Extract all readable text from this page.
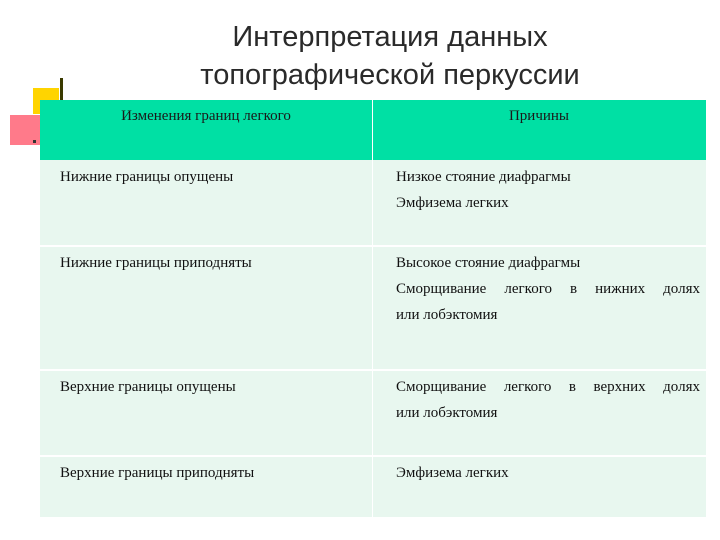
Интерпретация данных
топографической перкуссии
Изменения границ легкого	Причины
Нижние границы опущены	Низкое стояние диафрагмы
Эмфизема легких
Нижние границы приподняты	Высокое стояние диафрагмы
Сморщивание легкого в нижних долях
или лобэктомия
Верхние границы опущены	Сморщивание легкого в верхних долях
или лобэктомия
Верхние границы приподняты	Эмфизема легких
